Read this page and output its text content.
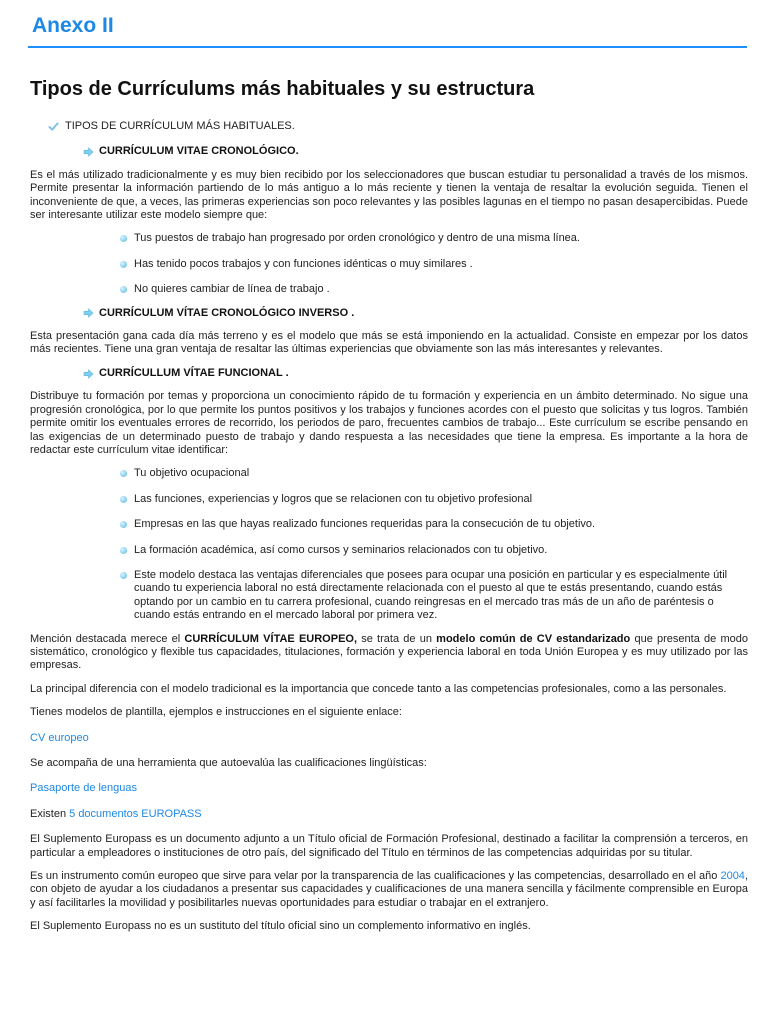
Anexo II
Tipos de Currículums más habituales y su estructura
TIPOS DE CURRÍCULUM MÁS HABITUALES.
CURRÍCULUM VITAE CRONOLÓGICO.

Es el más utilizado tradicionalmente y es muy bien recibido por los seleccionadores que buscan estudiar tu personalidad a través de los mismos. Permite presentar la información partiendo de lo más antiguo a lo más reciente y tienen la ventaja de resaltar la evolución seguida. Tienen el inconveniente de que, a veces, las primeras experiencias son poco relevantes y las posibles lagunas en el tiempo no pasan desapercibidas. Puede ser interesante utilizar este modelo siempre que:

Tus puestos de trabajo han progresado por orden cronológico y dentro de una misma línea.
Has tenido pocos trabajos y con funciones idénticas o muy similares .
No quieres cambiar de línea de trabajo .
CURRÍCULUM VÍTAE CRONOLÓGICO INVERSO .

Esta presentación gana cada día más terreno y es el modelo que más se está imponiendo en la actualidad. Consiste en empezar por los datos más recientes. Tiene una gran ventaja de resaltar las últimas experiencias que obviamente son las más interesantes y relevantes.

CURRÍCULLUM VÍTAE FUNCIONAL .

Distribuye tu formación por temas y proporciona un conocimiento rápido de tu formación y experiencia en un ámbito determinado. No sigue una progresión cronológica, por lo que permite los puntos positivos y los trabajos y funciones acordes con el puesto que solicitas y tus logros. También permite omitir los eventuales errores de recorrido, los periodos de paro, frecuentes cambios de trabajo... Este currículum se escribe pensando en las exigencias de un determinado puesto de trabajo y dando respuesta a las necesidades que tiene la empresa. Es importante a la hora de redactar este currículum vitae identificar:

Tu objetivo ocupacional
Las funciones, experiencias y logros que se relacionen con tu objetivo profesional
Empresas en las que hayas realizado funciones requeridas para la consecución de tu objetivo.
La formación académica, así como cursos y seminarios relacionados con tu objetivo.
Este modelo destaca las ventajas diferenciales que posees para ocupar una posición en particular y es especialmente útil cuando tu experiencia laboral no está directamente relacionada con el puesto al que te estás presentando, cuando estás optando por un cambio en tu carrera profesional, cuando reingresas en el mercado tras más de un año de paréntesis o cuando estás entrando en el mercado laboral por primera vez.

Mención destacada merece el CURRÍCULUM VÍTAE EUROPEO, se trata de un modelo común de CV estandarizado que presenta de modo sistemático, cronológico y flexible tus capacidades, titulaciones, formación y experiencia laboral en toda Unión Europea y es muy utilizado por las empresas.

La principal diferencia con el modelo tradicional es la importancia que concede tanto a las competencias profesionales, como a las personales.

Tienes modelos de plantilla, ejemplos e instrucciones en el siguiente enlace:

CV europeo

Se acompaña de una herramienta que autoevalúa las cualificaciones lingüísticas:

Pasaporte de lenguas

Existen 5 documentos EUROPASS

El Suplemento Europass es un documento adjunto a un Título oficial de Formación Profesional, destinado a facilitar la comprensión a terceros, en particular a empleadores o instituciones de otro país, del significado del Título en términos de las competencias adquiridas por su titular.

Es un instrumento común europeo que sirve para velar por la transparencia de las cualificaciones y las competencias, desarrollado en el año 2004, con objeto de ayudar a los ciudadanos a presentar sus capacidades y cualificaciones de una manera sencilla y fácilmente comprensible en Europa y así facilitarles la movilidad y posibilitarles nuevas oportunidades para estudiar o trabajar en el extranjero.

El Suplemento Europass no es un sustituto del título oficial sino un complemento informativo en inglés.
